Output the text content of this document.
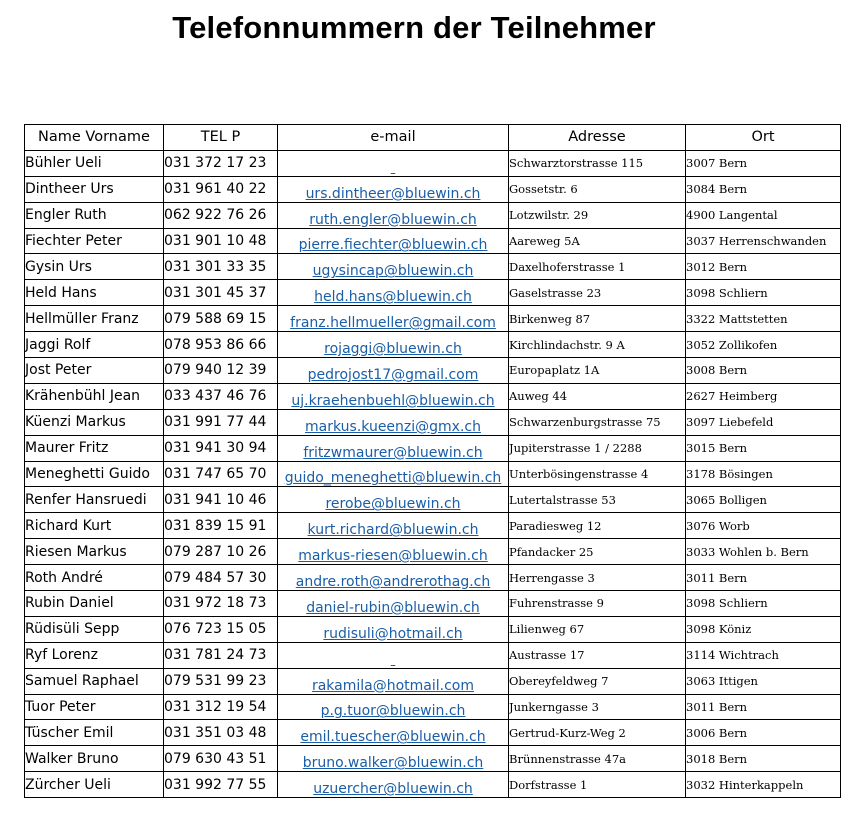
Telefonnummern der Teilnehmer
Name Vorname	TEL P	e-mail	Adresse	Ort
Bühler Ueli	031 372 17 23		Schwarztorstrasse 115	3007 Bern
Dintheer Urs	031 961 40 22	urs.dintheer@bluewin.ch	Gossetstr. 6	3084 Bern
Engler Ruth	062 922 76 26	ruth.engler@bluewin.ch	Lotzwilstr. 29	4900 Langental
Fiechter Peter	031 901 10 48	pierre.fiechter@bluewin.ch	Aareweg 5A	3037 Herrenschwanden
Gysin Urs	031 301 33 35	ugysincap@bluewin.ch	Daxelhoferstrasse 1	3012 Bern
Held Hans	031 301 45 37	held.hans@bluewin.ch	Gaselstrasse 23	3098 Schliern
Hellmüller Franz	079 588 69 15	franz.hellmueller@gmail.com	Birkenweg 87	3322 Mattstetten
Jaggi Rolf	078 953 86 66	rojaggi@bluewin.ch	Kirchlindachstr. 9 A	3052 Zollikofen
Jost Peter	079 940 12 39	pedrojost17@gmail.com	Europaplatz 1A	3008 Bern
Krähenbühl Jean	033 437 46 76	uj.kraehenbuehl@bluewin.ch	Auweg 44	2627 Heimberg
Küenzi Markus	031 991 77 44	markus.kueenzi@gmx.ch	Schwarzenburgstrasse 75	3097 Liebefeld
Maurer Fritz	031 941 30 94	fritzwmaurer@bluewin.ch	Jupiterstrasse 1 / 2288	3015 Bern
Meneghetti Guido	031 747 65 70	guido_meneghetti@bluewin.ch	Unterbösingenstrasse 4	3178 Bösingen
Renfer Hansruedi	031 941 10 46	rerobe@bluewin.ch	Lutertalstrasse 53	3065 Bolligen
Richard Kurt	031 839 15 91	kurt.richard@bluewin.ch	Paradiesweg 12	3076 Worb
Riesen Markus	079 287 10 26	markus-riesen@bluewin.ch	Pfandacker 25	3033 Wohlen b. Bern
Roth André	079 484 57 30	andre.roth@andrerothag.ch	Herrengasse 3	3011 Bern
Rubin Daniel	031 972 18 73	daniel-rubin@bluewin.ch	Fuhrenstrasse 9	3098 Schliern
Rüdisüli Sepp	076 723 15 05	rudisuli@hotmail.ch	Lilienweg 67	3098 Köniz
Ryf Lorenz	031 781 24 73		Austrasse 17	3114 Wichtrach
Samuel Raphael	079 531 99 23	rakamila@hotmail.com	Obereyfeldweg 7	3063 Ittigen
Tuor Peter	031 312 19 54	p.g.tuor@bluewin.ch	Junkerngasse 3	3011 Bern
Tüscher Emil	031 351 03 48	emil.tuescher@bluewin.ch	Gertrud-Kurz-Weg 2	3006 Bern
Walker Bruno	079 630 43 51	bruno.walker@bluewin.ch	Brünnenstrasse 47a	3018 Bern
Zürcher Ueli	031 992 77 55	uzuercher@bluewin.ch	Dorfstrasse 1	3032 Hinterkappeln
